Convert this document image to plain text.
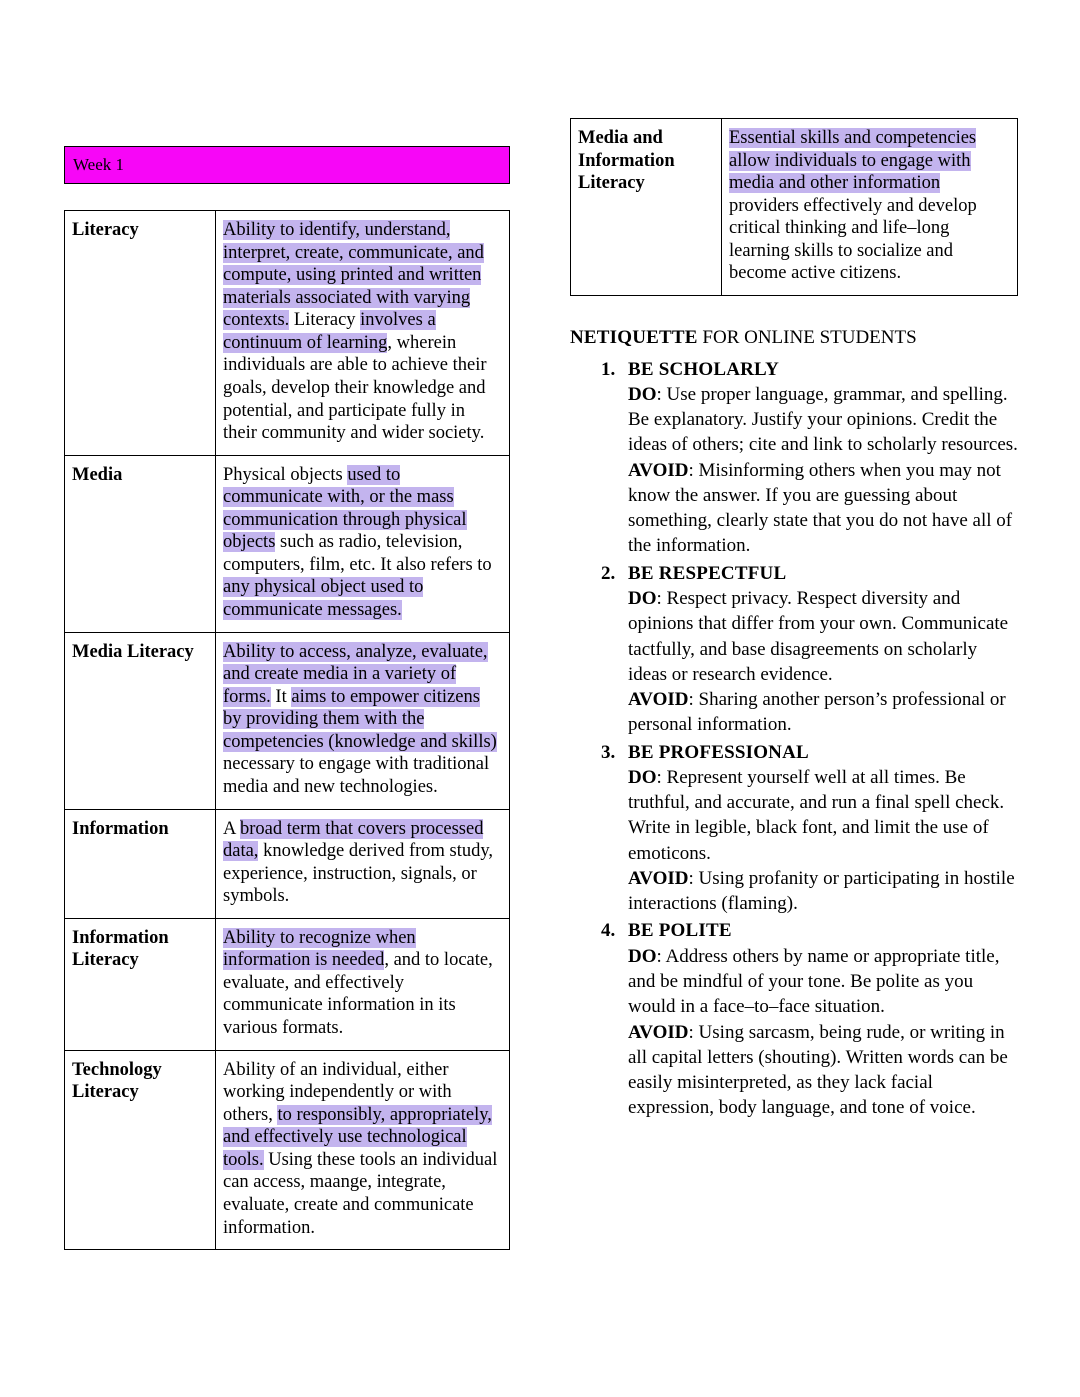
Week 1
Literacy	Ability to identify, understand, interpret, create, communicate, and compute, using printed and written materials associated with varying contexts. Literacy involves a continuum of learning, wherein individuals are able to achieve their goals, develop their knowledge and potential, and participate fully in their community and wider society.
Media	Physical objects used to communicate with, or the mass communication through physical objects such as radio, television, computers, film, etc. It also refers to any physical object used to communicate messages.
Media Literacy	Ability to access, analyze, evaluate, and create media in a variety of forms. It aims to empower citizens by providing them with the competencies (knowledge and skills) necessary to engage with traditional media and new technologies.
Information	A broad term that covers processed data, knowledge derived from study, experience, instruction, signals, or symbols.
Information Literacy	Ability to recognize when information is needed, and to locate, evaluate, and effectively communicate information in its various formats.
Technology Literacy	Ability of an individual, either working independently or with others, to responsibly, appropriately, and effectively use technological tools. Using these tools an individual can access, maange, integrate, evaluate, create and communicate information.
Media and Information Literacy	Essential skills and competencies allow individuals to engage with media and other information providers effectively and develop critical thinking and life–long learning skills to socialize and become active citizens.
NETIQUETTE FOR ONLINE STUDENTS
1. BE SCHOLARLY

DO: Use proper language, grammar, and spelling. Be explanatory. Justify your opinions. Credit the ideas of others; cite and link to scholarly resources.

AVOID: Misinforming others when you may not know the answer. If you are guessing about something, clearly state that you do not have all of the information.

2. BE RESPECTFUL

DO: Respect privacy. Respect diversity and opinions that differ from your own. Communicate tactfully, and base disagreements on scholarly ideas or research evidence.

AVOID: Sharing another person’s professional or personal information.

3. BE PROFESSIONAL

DO: Represent yourself well at all times. Be truthful, and accurate, and run a final spell check. Write in legible, black font, and limit the use of emoticons.

AVOID: Using profanity or participating in hostile interactions (flaming).

4. BE POLITE

DO: Address others by name or appropriate title, and be mindful of your tone. Be polite as you would in a face–to–face situation.

AVOID: Using sarcasm, being rude, or writing in all capital letters (shouting). Written words can be easily misinterpreted, as they lack facial expression, body language, and tone of voice.
